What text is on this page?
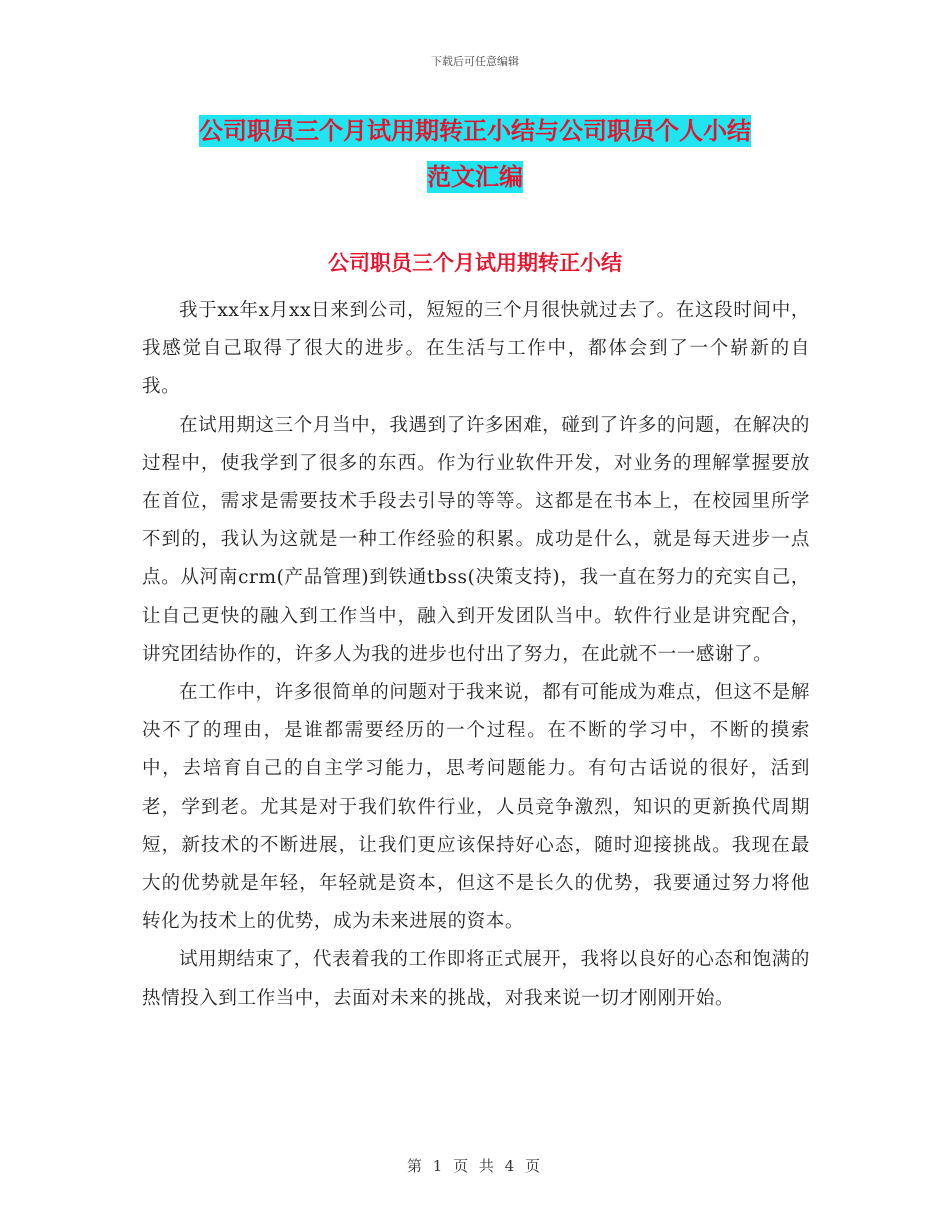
下载后可任意编辑
公司职员三个月试用期转正小结与公司职员个人小结
范文汇编
公司职员三个月试用期转正小结

我于xx年x月xx日来到公司，短短的三个月很快就过去了。在这段时间中，我感觉自己取得了很大的进步。在生活与工作中，都体会到了一个崭新的自我。

在试用期这三个月当中，我遇到了许多困难，碰到了许多的问题，在解决的过程中，使我学到了很多的东西。作为行业软件开发，对业务的理解掌握要放在首位，需求是需要技术手段去引导的等等。这都是在书本上，在校园里所学不到的，我认为这就是一种工作经验的积累。成功是什么，就是每天进步一点点。从河南crm(产品管理)到铁通tbss(决策支持)，我一直在努力的充实自己，让自己更快的融入到工作当中，融入到开发团队当中。软件行业是讲究配合，讲究团结协作的，许多人为我的进步也付出了努力，在此就不一一感谢了。

在工作中，许多很简单的问题对于我来说，都有可能成为难点，但这不是解决不了的理由，是谁都需要经历的一个过程。在不断的学习中，不断的摸索中，去培育自己的自主学习能力，思考问题能力。有句古话说的很好，活到老，学到老。尤其是对于我们软件行业，人员竞争激烈，知识的更新换代周期短，新技术的不断进展，让我们更应该保持好心态，随时迎接挑战。我现在最大的优势就是年轻，年轻就是资本，但这不是长久的优势，我要通过努力将他转化为技术上的优势，成为未来进展的资本。

试用期结束了，代表着我的工作即将正式展开，我将以良好的心态和饱满的热情投入到工作当中，去面对未来的挑战，对我来说一切才刚刚开始。

第 1 页 共 4 页
